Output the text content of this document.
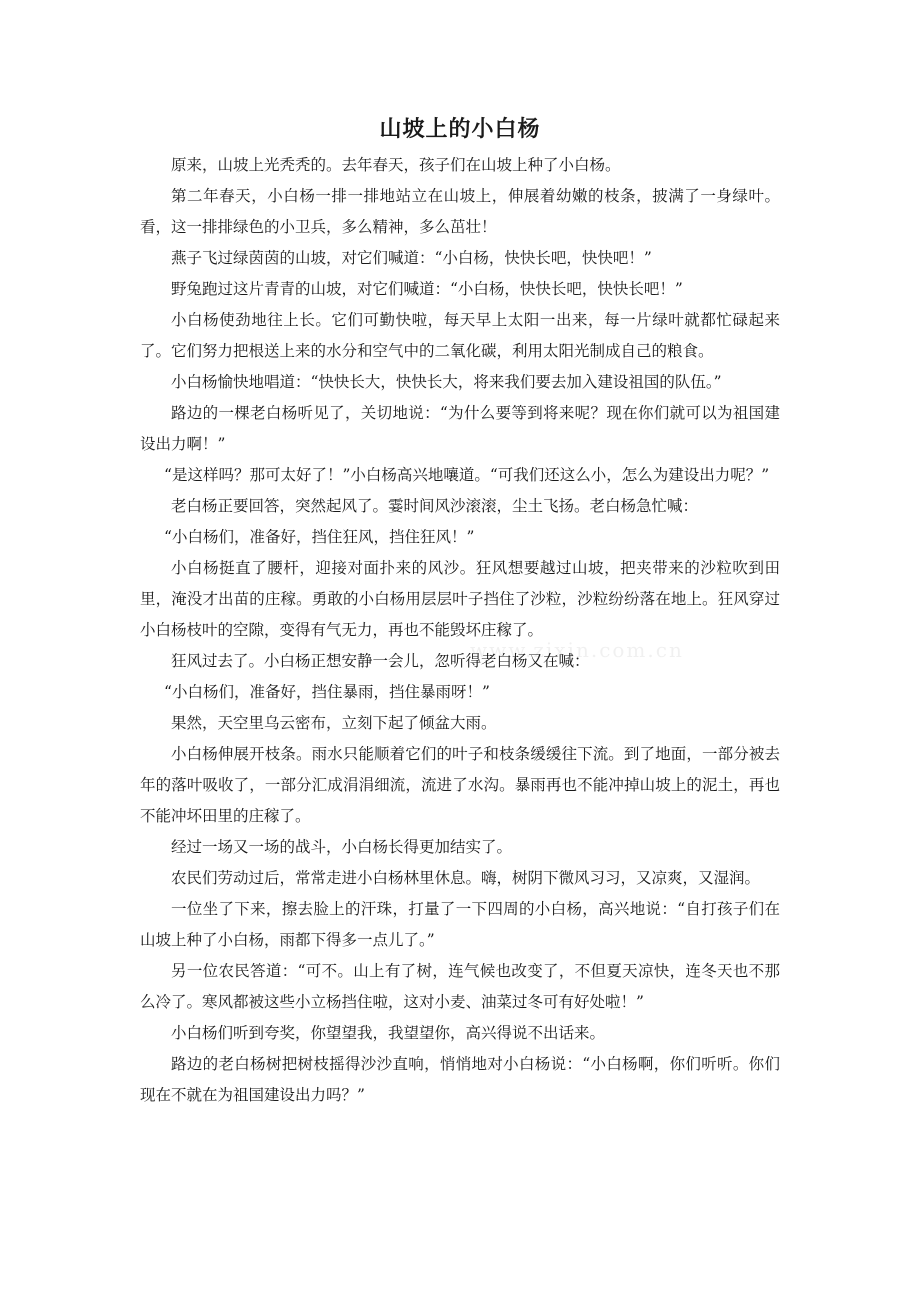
山坡上的小白杨

原来，山坡上光秃秃的。去年春天，孩子们在山坡上种了小白杨。

第二年春天，小白杨一排一排地站立在山坡上，伸展着幼嫩的枝条，披满了一身绿叶。看，这一排排绿色的小卫兵，多么精神，多么茁壮！

燕子飞过绿茵茵的山坡，对它们喊道：“小白杨，快快长吧，快快吧！”

野兔跑过这片青青的山坡，对它们喊道：“小白杨，快快长吧，快快长吧！”

小白杨使劲地往上长。它们可勤快啦，每天早上太阳一出来，每一片绿叶就都忙碌起来了。它们努力把根送上来的水分和空气中的二氧化碳，利用太阳光制成自己的粮食。

小白杨愉快地唱道：“快快长大，快快长大，将来我们要去加入建设祖国的队伍。”

路边的一棵老白杨听见了，关切地说：“为什么要等到将来呢？现在你们就可以为祖国建设出力啊！”

“是这样吗？那可太好了！”小白杨高兴地嚷道。“可我们还这么小，怎么为建设出力呢？”

老白杨正要回答，突然起风了。霎时间风沙滚滚，尘土飞扬。老白杨急忙喊：

“小白杨们，准备好，挡住狂风，挡住狂风！”

小白杨挺直了腰杆，迎接对面扑来的风沙。狂风想要越过山坡，把夹带来的沙粒吹到田里，淹没才出苗的庄稼。勇敢的小白杨用层层叶子挡住了沙粒，沙粒纷纷落在地上。狂风穿过小白杨枝叶的空隙，变得有气无力，再也不能毁坏庄稼了。

狂风过去了。小白杨正想安静一会儿，忽听得老白杨又在喊：

“小白杨们，准备好，挡住暴雨，挡住暴雨呀！”

果然，天空里乌云密布，立刻下起了倾盆大雨。

小白杨伸展开枝条。雨水只能顺着它们的叶子和枝条缓缓往下流。到了地面，一部分被去年的落叶吸收了，一部分汇成涓涓细流，流进了水沟。暴雨再也不能冲掉山坡上的泥土，再也不能冲坏田里的庄稼了。

经过一场又一场的战斗，小白杨长得更加结实了。

农民们劳动过后，常常走进小白杨林里休息。嗨，树阴下微风习习，又凉爽，又湿润。

一位坐了下来，擦去脸上的汗珠，打量了一下四周的小白杨，高兴地说：“自打孩子们在山坡上种了小白杨，雨都下得多一点儿了。”

另一位农民答道：“可不。山上有了树，连气候也改变了，不但夏天凉快，连冬天也不那么冷了。寒风都被这些小立杨挡住啦，这对小麦、油菜过冬可有好处啦！”

小白杨们听到夸奖，你望望我，我望望你，高兴得说不出话来。

路边的老白杨树把树枝摇得沙沙直响，悄悄地对小白杨说：“小白杨啊，你们听听。你们现在不就在为祖国建设出力吗？”

www.zixin.com.cn
